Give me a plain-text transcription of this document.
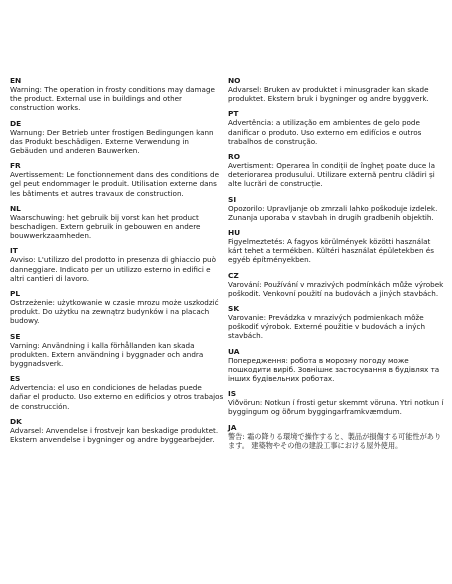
EN

Warning: The operation in frosty conditions may damage the product. External use in buildings and other construction works.

DE

Warnung: Der Betrieb unter frostigen Bedingungen kann das Produkt beschädigen. Externe Verwendung in Gebäuden und anderen Bauwerken.

FR

Avertissement: Le fonctionnement dans des conditions de gel peut endommager le produit. Utilisation externe dans les bâtiments et autres travaux de construction.

NL

Waarschuwing: het gebruik bij vorst kan het product beschadigen. Extern gebruik in gebouwen en andere bouwwerkzaamheden.

IT

Avviso: L'utilizzo del prodotto in presenza di ghiaccio può danneggiare. Indicato per un utilizzo esterno in edifici e altri cantieri di lavoro.

PL

Ostrzeżenie: użytkowanie w czasie mrozu może uszkodzić produkt. Do użytku na zewnątrz budynków i na placach budowy.

SE

Varning: Användning i kalla förhållanden kan skada produkten. Extern användning i byggnader och andra byggnadsverk.

ES

Advertencia: el uso en condiciones de heladas puede dañar el producto. Uso externo en edificios y otros trabajos de construcción.

DK

Advarsel: Anvendelse i frostvejr kan beskadige produktet. Ekstern anvendelse i bygninger og andre byggearbejder.

NO

Advarsel: Bruken av produktet i minusgrader kan skade produktet. Ekstern bruk i bygninger og andre byggverk.

PT

Advertência: a utilização em ambientes de gelo pode danificar o produto. Uso externo em edifícios e outros trabalhos de construção.

RO

Avertisment: Operarea în condiții de îngheț poate duce la deteriorarea produsului. Utilizare externă pentru clădiri și alte lucrări de construcție.

SI

Opozorilo: Upravljanje ob zmrzali lahko poškoduje izdelek. Zunanja uporaba v stavbah in drugih gradbenih objektih.

HU

Figyelmeztetés: A fagyos körülmények közötti használat kárt tehet a termékben. Kültéri használat épületekben és egyéb építményekben.

CZ

Varování: Používání v mrazivých podmínkách může výrobek poškodit. Venkovní použití na budovách a jiných stavbách.

SK

Varovanie: Prevádzka v mrazivých podmienkach môže poškodiť výrobok. Externé použitie v budovách a iných stavbách.

UA

Попередження: робота в морозну погоду може пошкодити виріб. Зовнішнє застосування в будівлях та інших будівельних роботах.

IS

Viðvörun: Notkun í frosti getur skemmt vöruna. Ytri notkun í byggingum og öðrum byggingarframkvæmdum.

JA

警告: 霜の降りる環境で操作すると、製品が損傷する可能性があります。 建築物やその他の建設工事における屋外使用。
